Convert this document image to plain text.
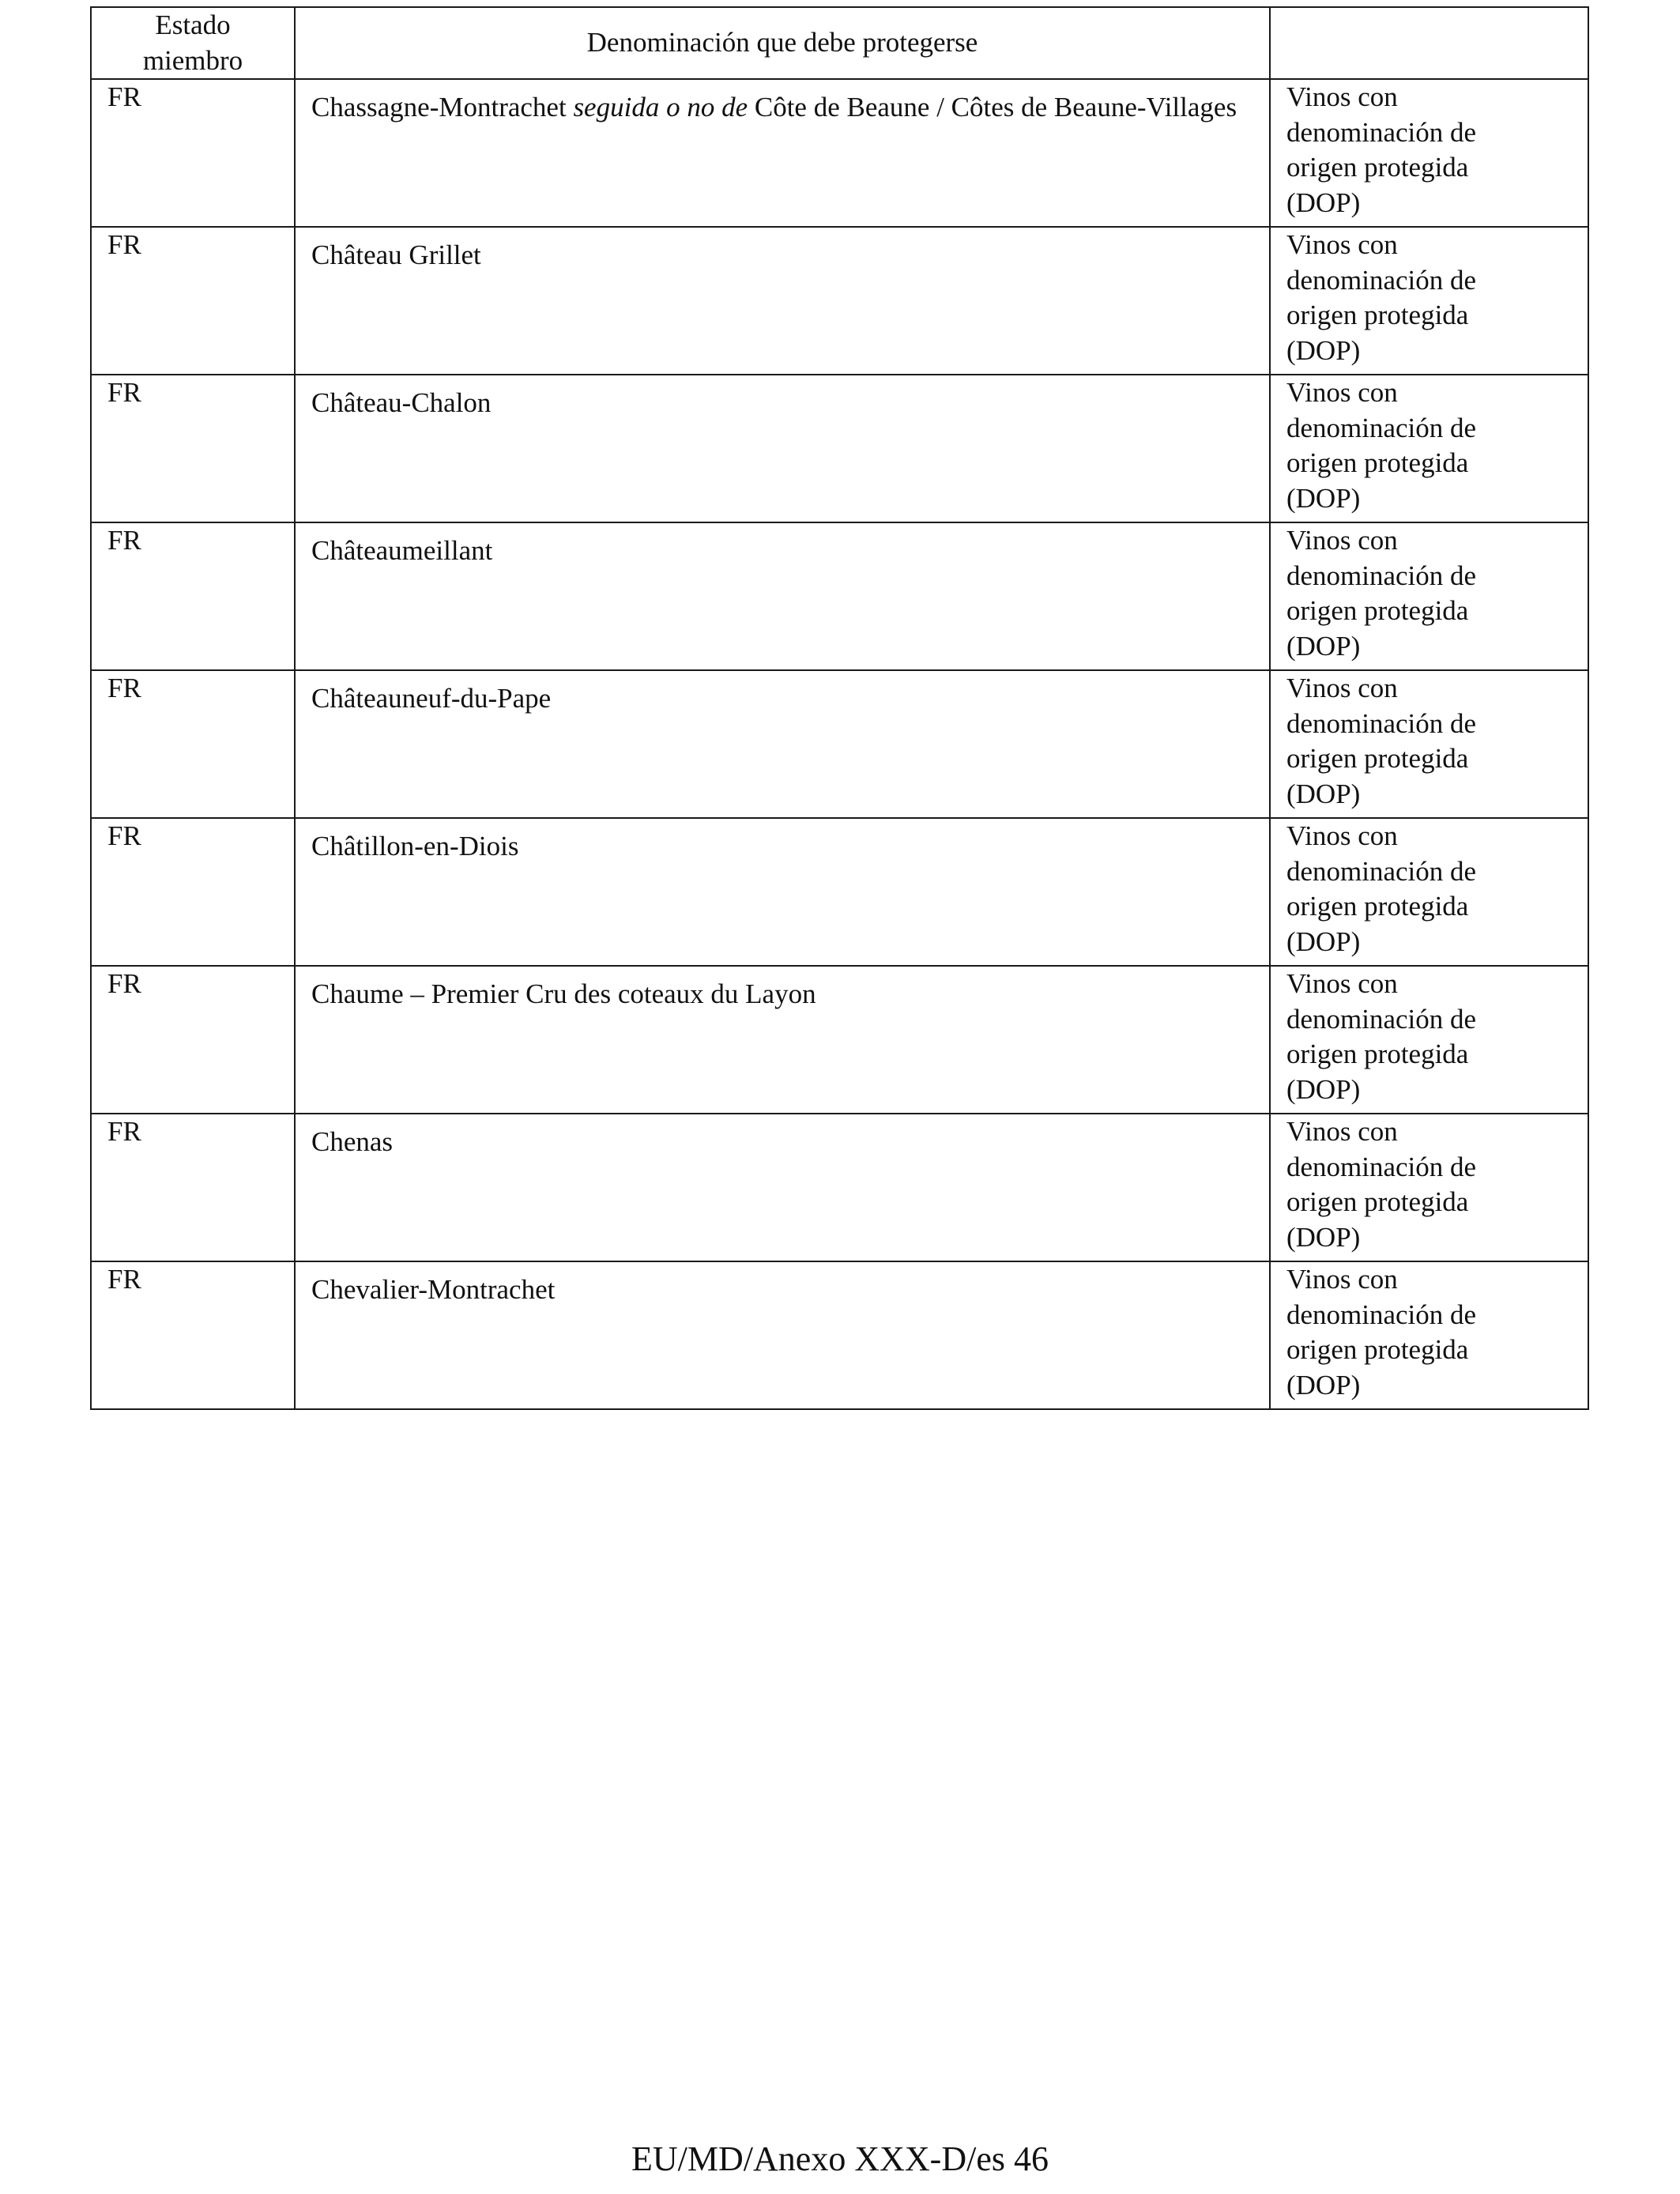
Estado miembro	Denominación que debe protegerse	
FR	Chassagne-Montrachet seguida o no de Côte de Beaune / Côtes de Beaune-Villages	Vinos con
denominación de
origen protegida
(DOP)

FR	Château Grillet	Vinos con
denominación de
origen protegida
(DOP)

FR	Château-Chalon	Vinos con
denominación de
origen protegida
(DOP)

FR	Châteaumeillant	Vinos con
denominación de
origen protegida
(DOP)

FR	Châteauneuf-du-Pape	Vinos con
denominación de
origen protegida
(DOP)

FR	Châtillon-en-Diois	Vinos con
denominación de
origen protegida
(DOP)

FR	Chaume – Premier Cru des coteaux du Layon	Vinos con
denominación de
origen protegida
(DOP)

FR	Chenas	Vinos con
denominación de
origen protegida
(DOP)

FR	Chevalier-Montrachet	Vinos con
denominación de
origen protegida
(DOP)
EU/MD/Anexo XXX-D/es 46
